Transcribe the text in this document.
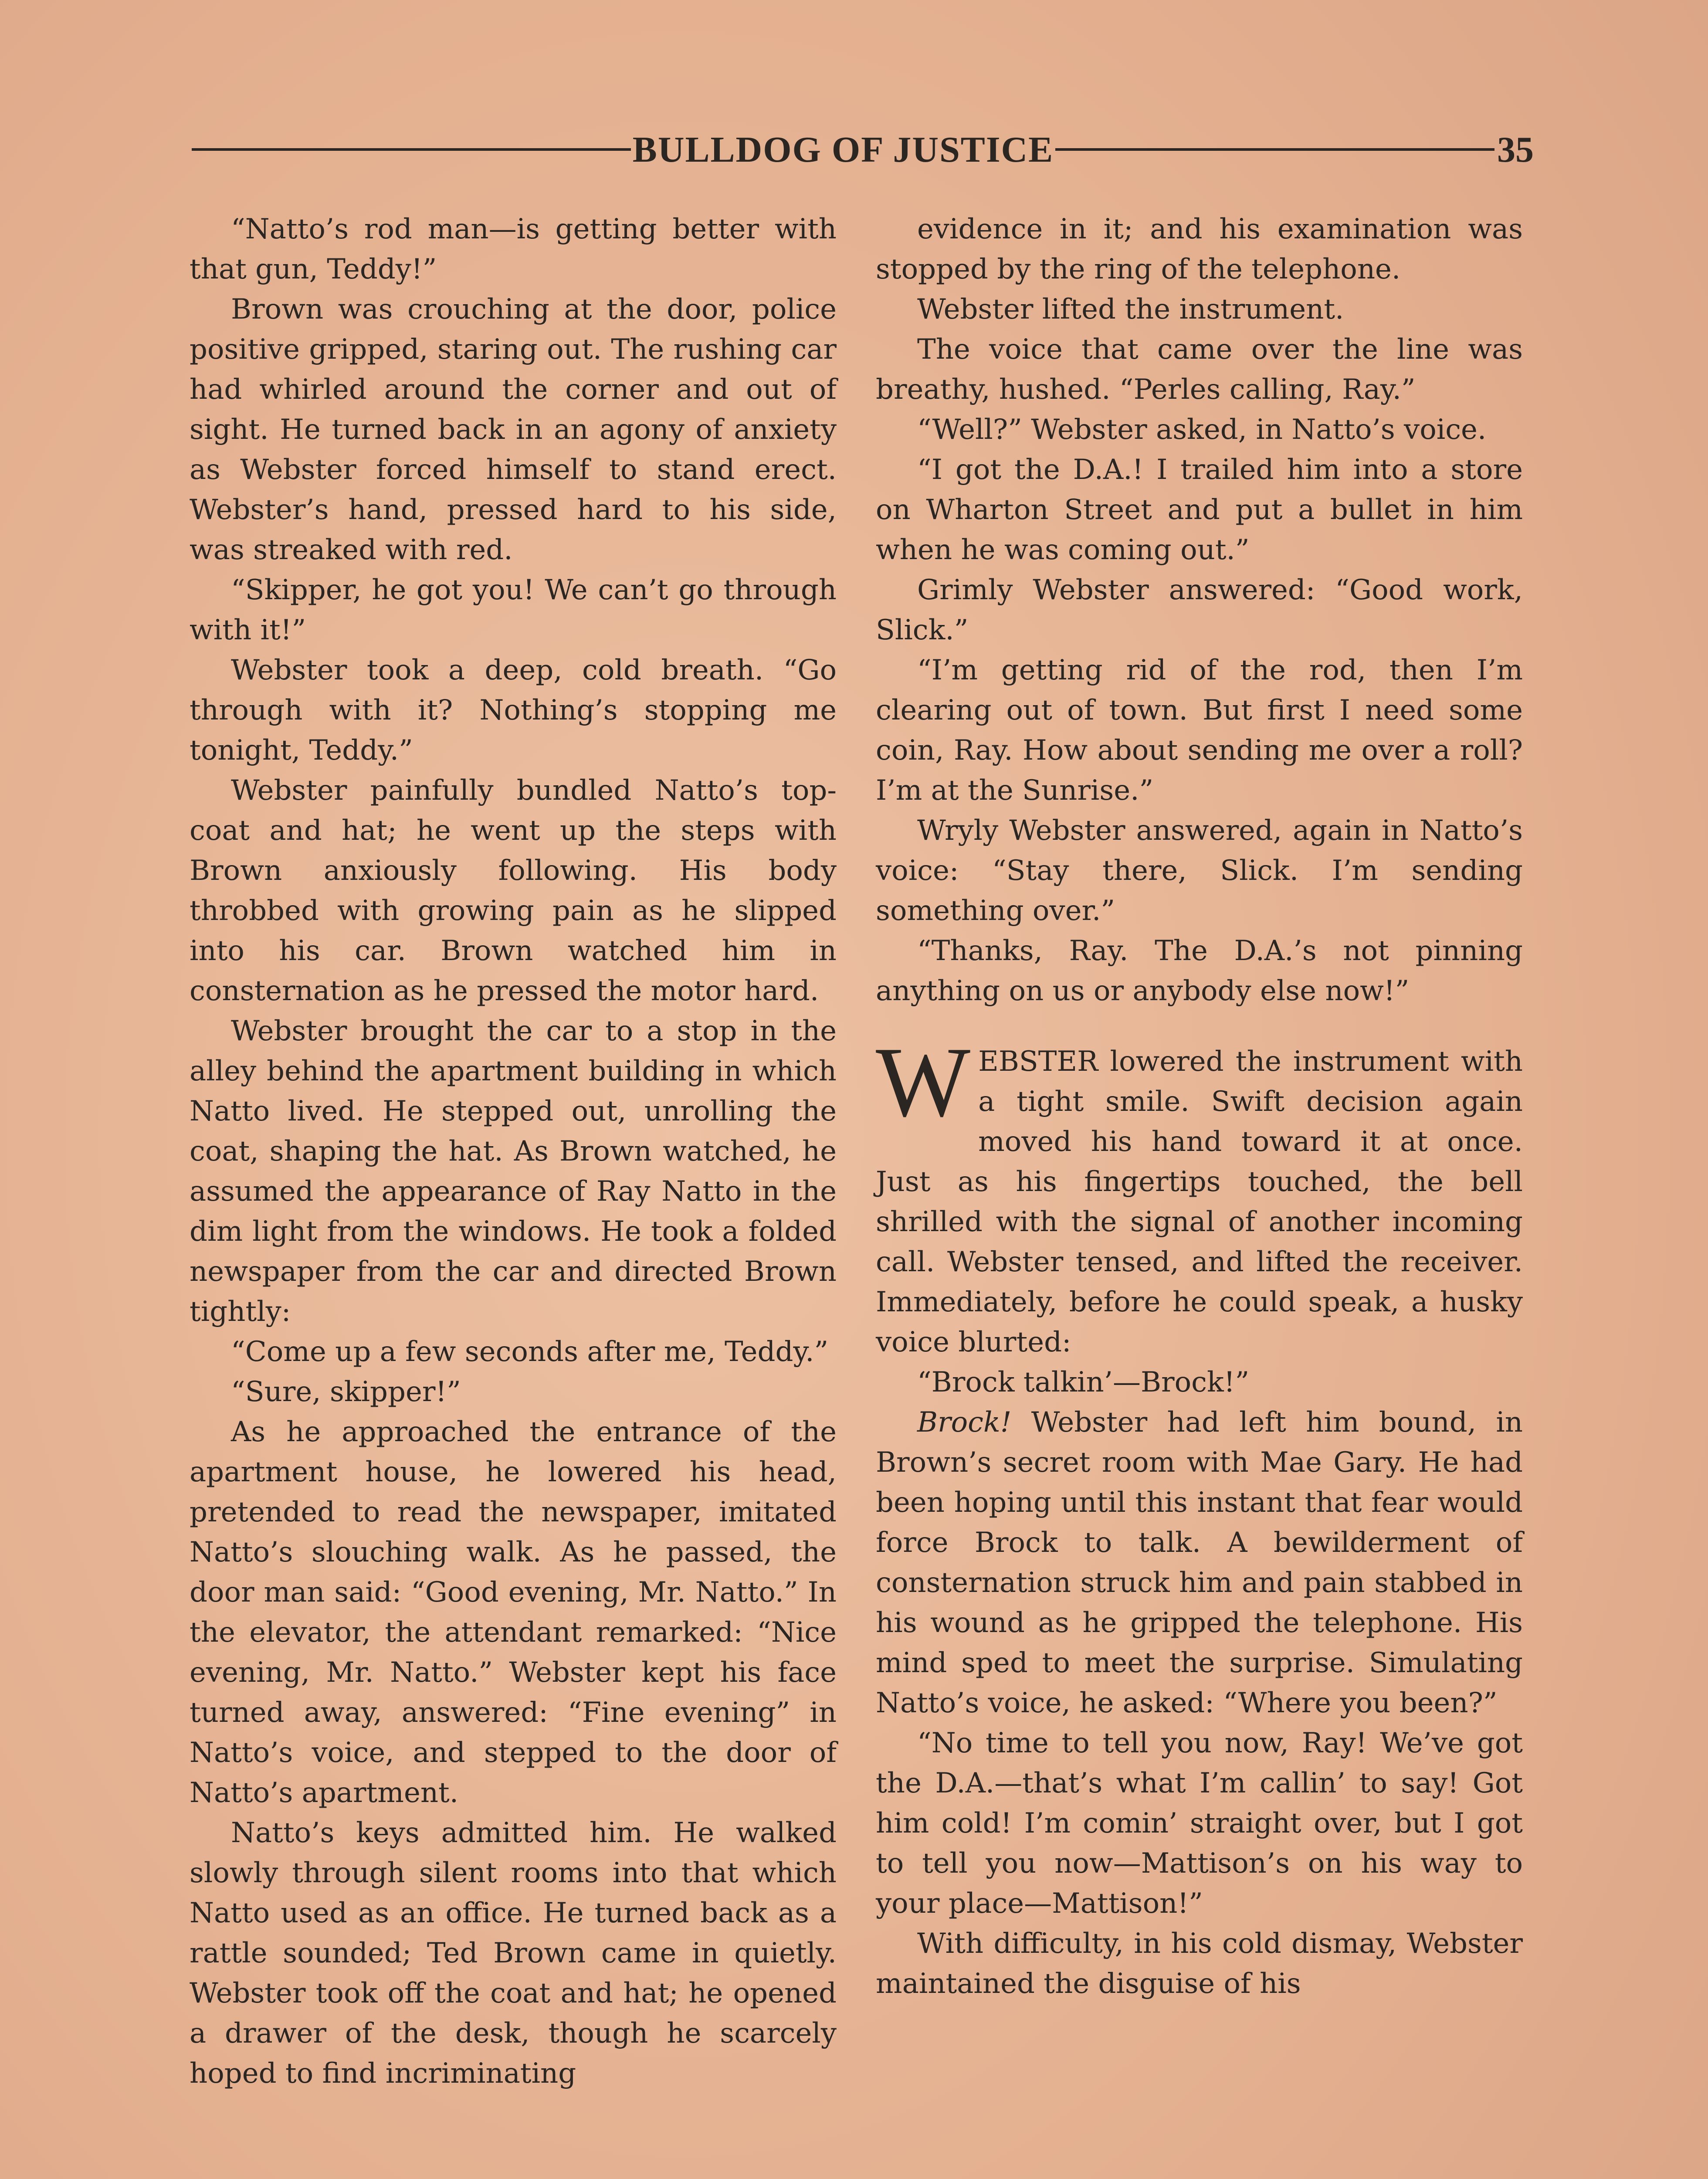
BULLDOG OF JUSTICE	35

“Natto’s rod man—is getting better with that gun, Teddy!”

Brown was crouching at the door, police positive gripped, staring out. The rushing car had whirled around the corner and out of sight. He turned back in an agony of anxiety as Webster forced himself to stand erect. Webster’s hand, pressed hard to his side, was streaked with red.

“Skipper, he got you! We can’t go through with it!”

Webster took a deep, cold breath. “Go through with it? Nothing’s stopping me tonight, Teddy.”

Webster painfully bundled Natto’s top-coat and hat; he went up the steps with Brown anxiously following. His body throbbed with growing pain as he slipped into his car. Brown watched him in consternation as he pressed the motor hard.

Webster brought the car to a stop in the alley behind the apartment building in which Natto lived. He stepped out, unrolling the coat, shaping the hat. As Brown watched, he assumed the appearance of Ray Natto in the dim light from the windows. He took a folded newspaper from the car and directed Brown tightly:

“Come up a few seconds after me, Teddy.”

“Sure, skipper!”

As he approached the entrance of the apartment house, he lowered his head, pretended to read the newspaper, imitated Natto’s slouching walk. As he passed, the door man said: “Good evening, Mr. Natto.” In the elevator, the attendant remarked: “Nice evening, Mr. Natto.” Webster kept his face turned away, answered: “Fine evening” in Natto’s voice, and stepped to the door of Natto’s apartment.

Natto’s keys admitted him. He walked slowly through silent rooms into that which Natto used as an office. He turned back as a rattle sounded; Ted Brown came in quietly. Webster took off the coat and hat; he opened a drawer of the desk, though he scarcely hoped to find incriminating

evidence in it; and his examination was stopped by the ring of the telephone.

Webster lifted the instrument.

The voice that came over the line was breathy, hushed. “Perles calling, Ray.”

“Well?” Webster asked, in Natto’s voice.

“I got the D.A.! I trailed him into a store on Wharton Street and put a bullet in him when he was coming out.”

Grimly Webster answered: “Good work, Slick.”

“I’m getting rid of the rod, then I’m clearing out of town. But first I need some coin, Ray. How about sending me over a roll? I’m at the Sunrise.”

Wryly Webster answered, again in Natto’s voice: “Stay there, Slick. I’m sending something over.”

“Thanks, Ray. The D.A.’s not pinning anything on us or anybody else now!”

WEBSTER lowered the instrument with a tight smile. Swift decision again moved his hand toward it at once. Just as his fingertips touched, the bell shrilled with the signal of another incoming call. Webster tensed, and lifted the receiver. Immediately, before he could speak, a husky voice blurted:

“Brock talkin’—Brock!”

Brock! Webster had left him bound, in Brown’s secret room with Mae Gary. He had been hoping until this instant that fear would force Brock to talk. A bewilderment of consternation struck him and pain stabbed in his wound as he gripped the telephone. His mind sped to meet the surprise. Simulating Natto’s voice, he asked: “Where you been?”

“No time to tell you now, Ray! We’ve got the D.A.—that’s what I’m callin’ to say! Got him cold! I’m comin’ straight over, but I got to tell you now—Mattison’s on his way to your place—Mattison!”

With difficulty, in his cold dismay, Webster maintained the disguise of his
